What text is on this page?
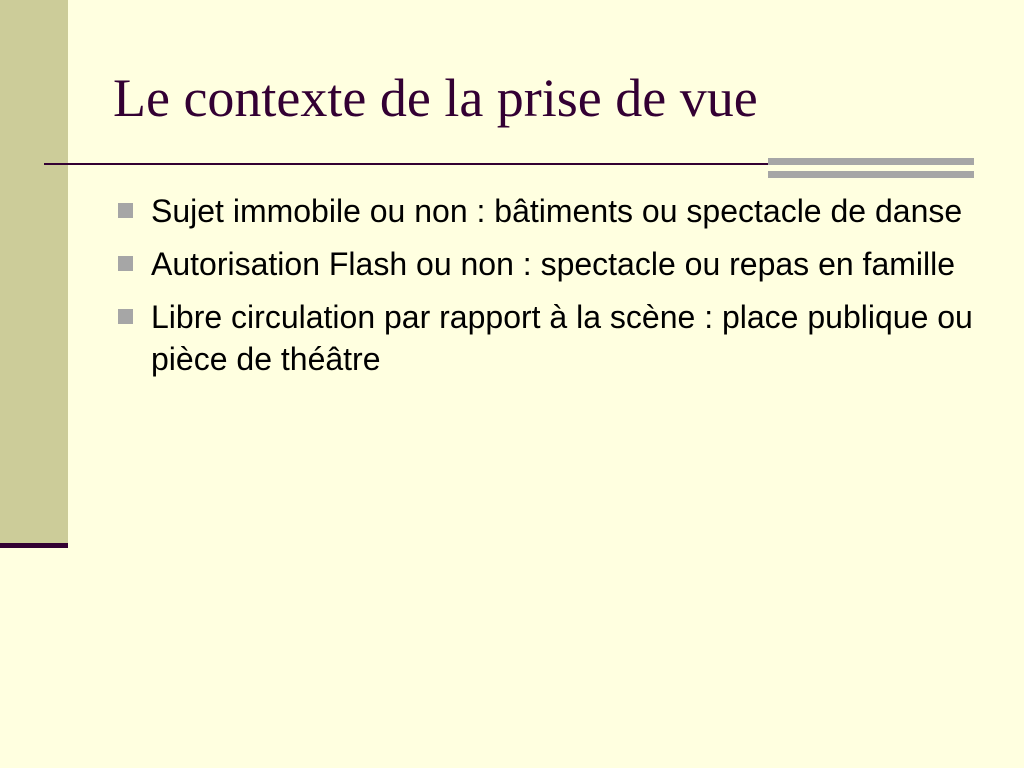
Le contexte de la prise de vue
Sujet immobile ou non : bâtiments ou spectacle de danse
Autorisation Flash ou non : spectacle ou repas en famille
Libre circulation par rapport à la scène : place publique ou pièce de théâtre
